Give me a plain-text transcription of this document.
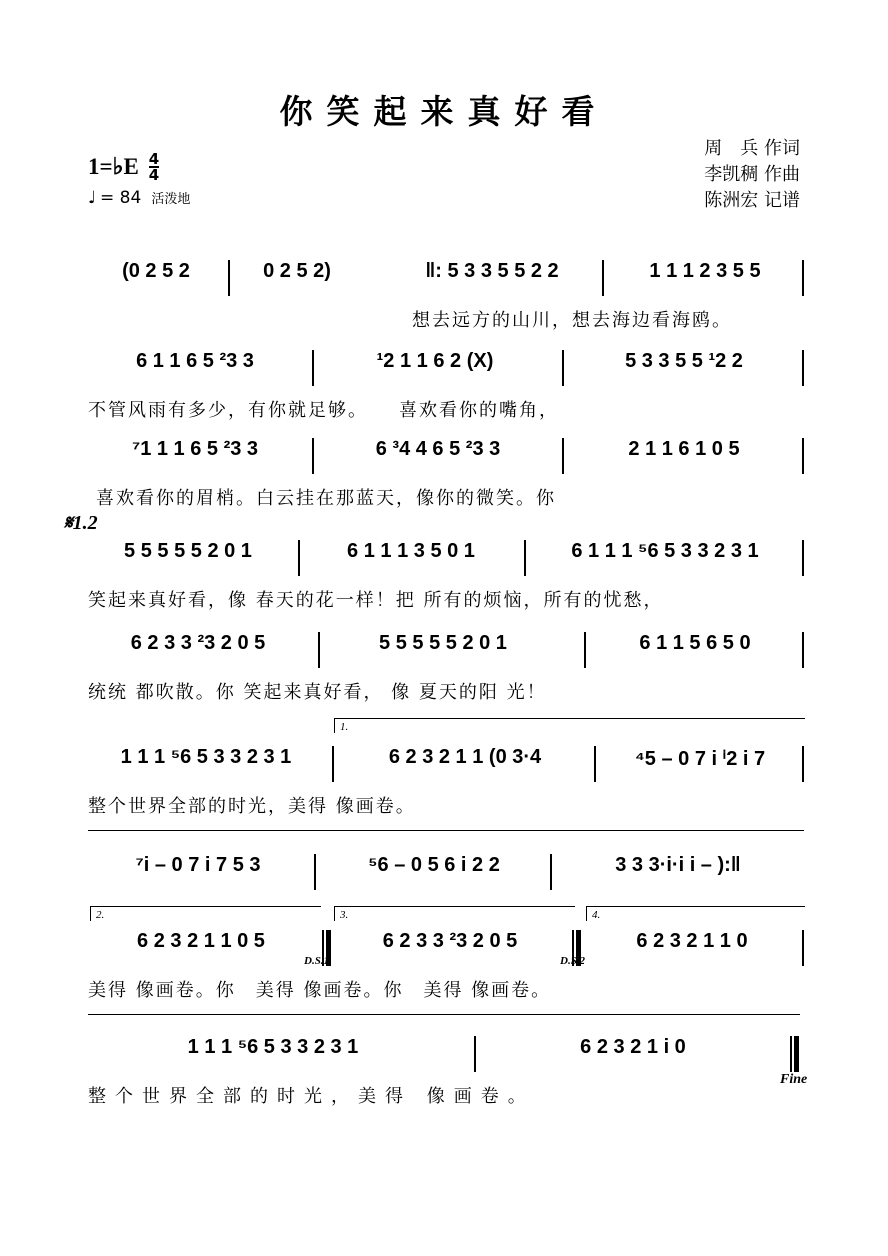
你笑起来真好看
1=♭E $\frac{4}{4}$
♩ = 84 活泼地
周　兵 作词
李凯稠 作曲
陈洲宏 记谱
(0 2 5 2	0 2 5 2)	‖: 5 3 3 5 5 2 2	1 1 1 2 3 5 5
想去远方的山川，想去海边看海鸥。
6 1 1 6 5 ²3 3	¹2 1 1 6 2 (X)	5 3 3 5 5 ¹2 2
不管风雨有多少，有你就足够。　　喜欢看你的嘴角，
⁷1 1 1 6 5 ²3 3	6 ³4 4 6 5 ²3 3	2 1 1 6 1 0 5
喜欢看你的眉梢。白云挂在那蓝天，像你的微笑。你
𝄋1.2
5 5 5 5 5 2 0 1	6 1 1 1 3 5 0 1	6 1 1 1 ⁵6 5 3 3 2 3 1
笑起来真好看，像 春天的花一样！把 所有的烦恼，所有的忧愁，
6 2 3 3 ²3 2 0 5	5 5 5 5 5 2 0 1	6 1 1 5 6 5 0
统统 都吹散。你 笑起来真好看， 像 夏天的阳 光！
1.
1 1 1 ⁵6 5 3 3 2 3 1	6 2 3 2 1 1 (0 3·4	⁴5 – 0 7 i ⁱ2 i 7
整个世界全部的时光，美得 像画卷。
⁷i – 0 7 i 7 5 3	⁵6 – 0 5 6 i 2 2	3 3 3·i·i i – ):‖
2.	3.	4.
6 2 3 2 1 1 0 5	6 2 3 3 ²3 2 0 5	6 2 3 2 1 1 0
美得 像画卷。你　美得 像画卷。你　美得 像画卷。
D.S.1	D.S.2
1 1 1 ⁵6 5 3 3 2 3 1	6 2 3 2 1 i 0
整个世界全部的时光，美得 像画卷。
Fine
